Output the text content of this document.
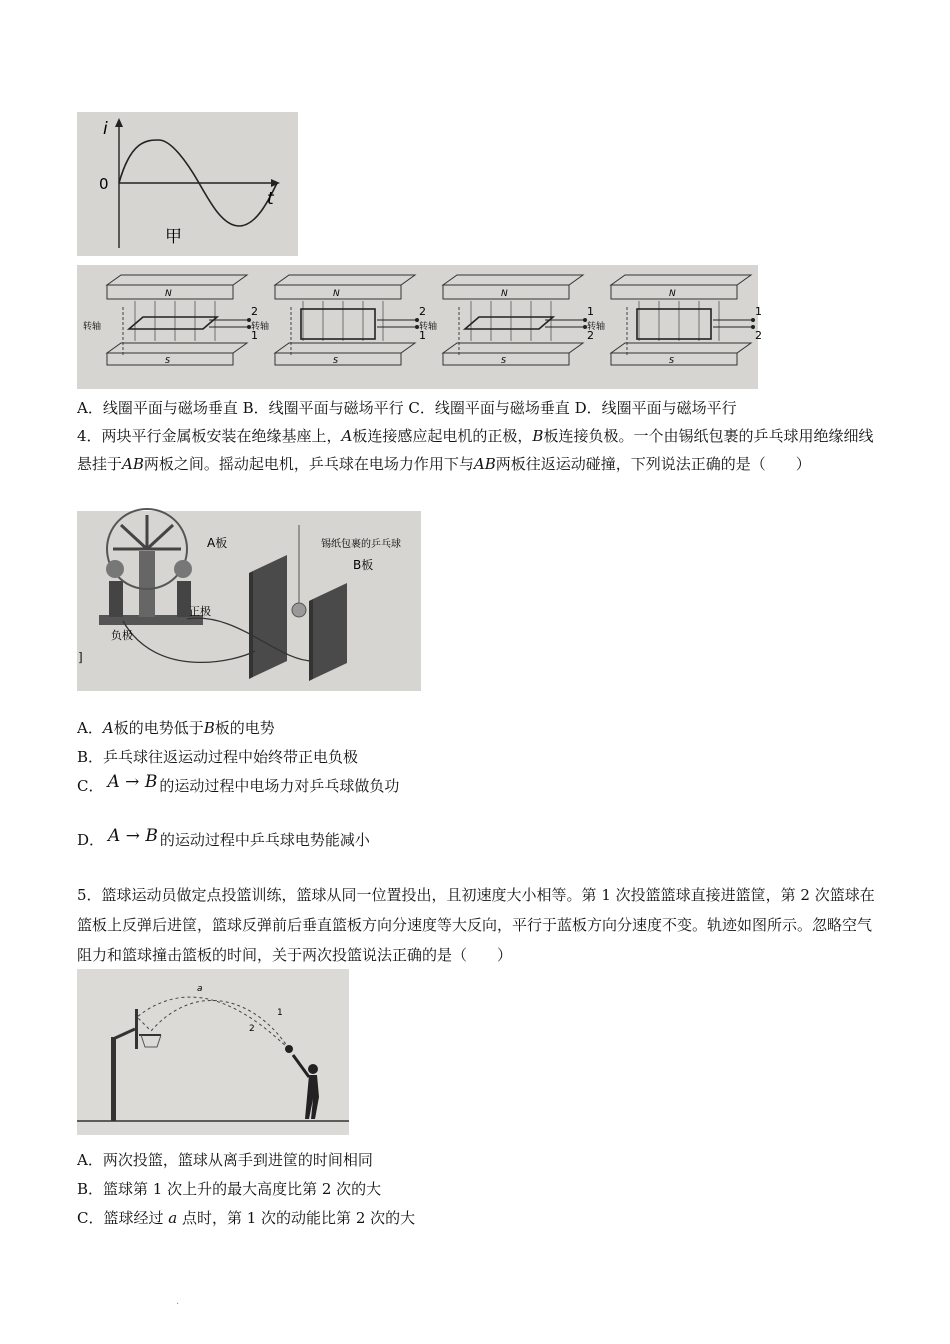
i
0
t
甲
N
S
转轴
2
1
N
S
转轴
2
1
N
S
转轴
1
2
N
S
转轴
1
2
A．线圈平面与磁场垂直 B．线圈平面与磁场平行 C．线圈平面与磁场垂直 D．线圈平面与磁场平行
4．两块平行金属板安装在绝缘基座上，A板连接感应起电机的正极，B板连接负极。一个由锡纸包裹的乒乓球用绝缘细线悬挂于AB两板之间。摇动起电机，乒乓球在电场力作用下与AB两板往返运动碰撞，下列说法正确的是（　　）
A板	锡纸包裹的乒乓球
B板
正极
负极
]
A．A板的电势低于B板的电势
B．乒乓球往返运动过程中始终带正电负极
C． A → B 的运动过程中电场力对乒乓球做负功
D． A → B 的运动过程中乒乓球电势能减小
5．篮球运动员做定点投篮训练，篮球从同一位置投出，且初速度大小相等。第 1 次投篮篮球直接进篮筐，第 2 次篮球在篮板上反弹后进筐，篮球反弹前后垂直篮板方向分速度等大反向，平行于蓝板方向分速度不变。轨迹如图所示。忽略空气阻力和篮球撞击篮板的时间，关于两次投篮说法正确的是（　　）
a
1
2
A．两次投篮，篮球从离手到进筐的时间相同
B．篮球第 1 次上升的最大高度比第 2 次的大
C．篮球经过 a 点时，第 1 次的动能比第 2 次的大
.
